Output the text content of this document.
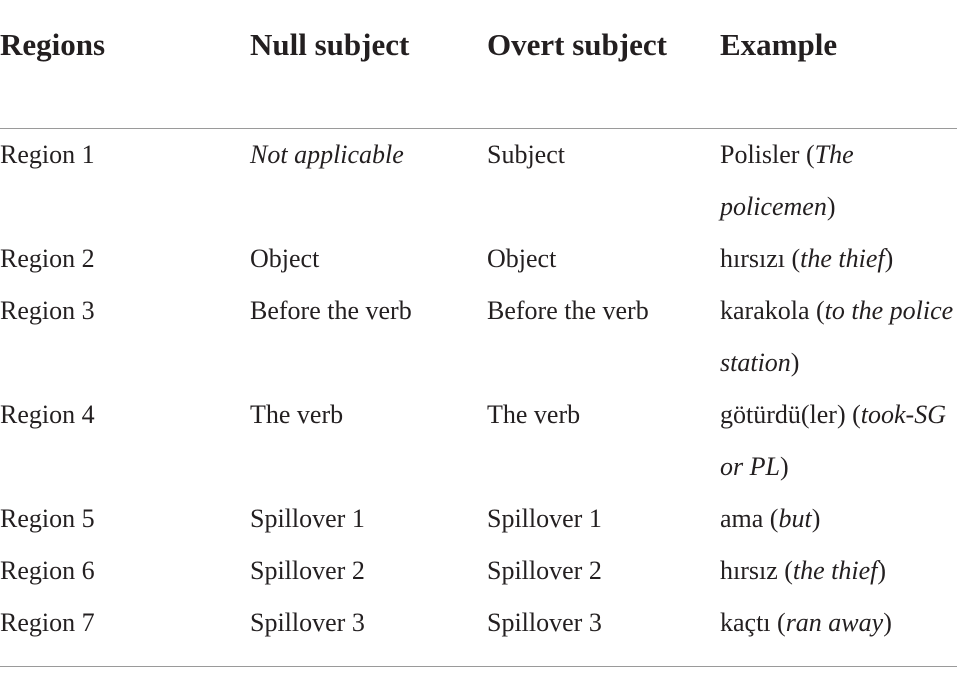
Regions	Null subject	Overt subject	Example
Region 1	Not applicable	Subject	Polisler (The policemen)
Region 2	Object	Object	hırsızı (the thief)
Region 3	Before the verb	Before the verb	karakola (to the police station)
Region 4	The verb	The verb	götürdü(ler) (took-SG or PL)
Region 5	Spillover 1	Spillover 1	ama (but)
Region 6	Spillover 2	Spillover 2	hırsız (the thief)
Region 7	Spillover 3	Spillover 3	kaçtı (ran away)
